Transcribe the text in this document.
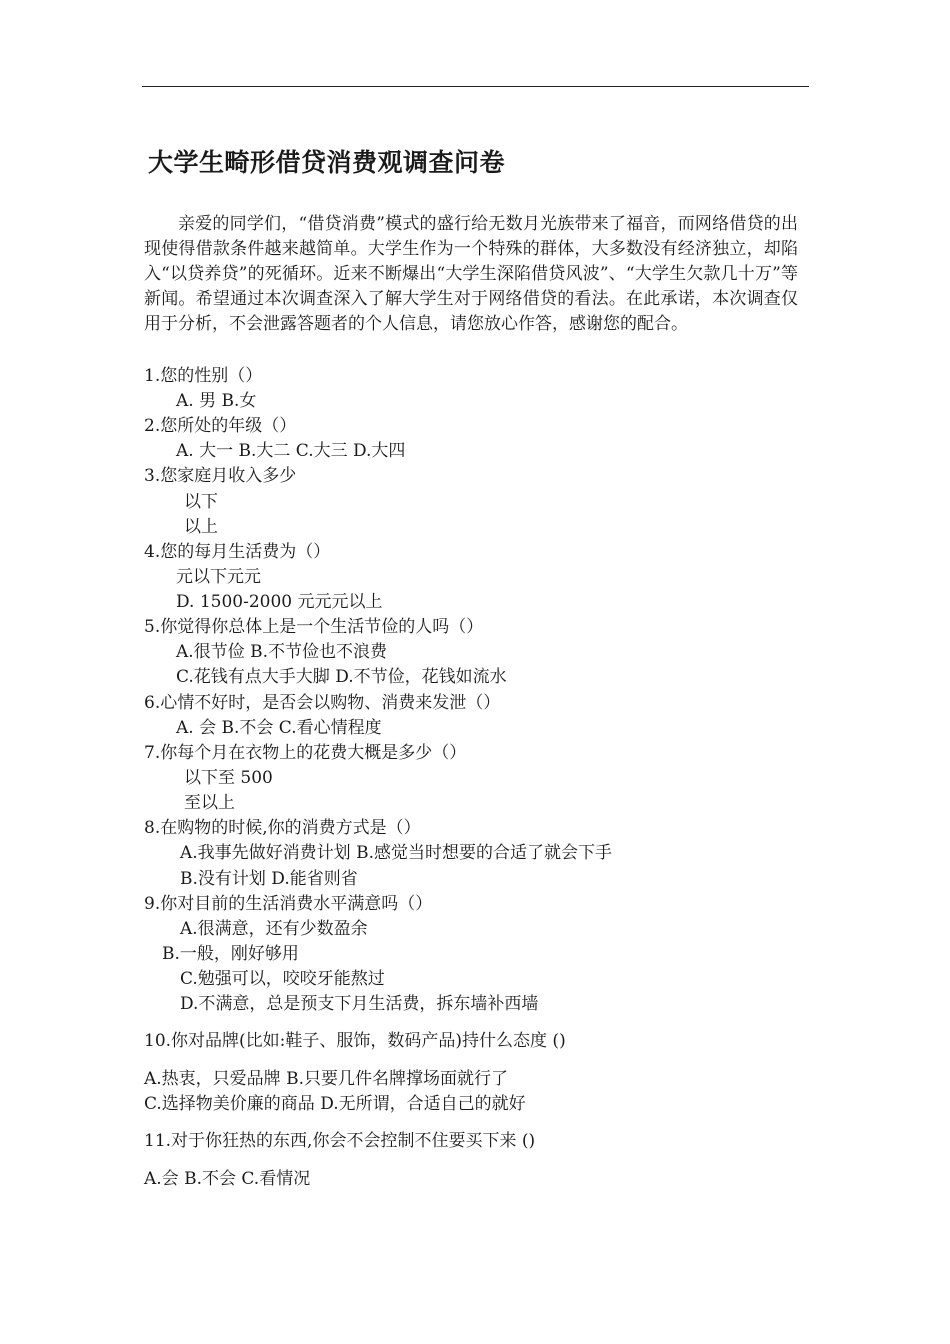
大学生畸形借贷消费观调查问卷

亲爱的同学们，“借贷消费”模式的盛行给无数月光族带来了福音，而网络借贷的出现使得借款条件越来越简单。大学生作为一个特殊的群体，大多数没有经济独立，却陷入“以贷养贷”的死循环。近来不断爆出“大学生深陷借贷风波”、“大学生欠款几十万”等新闻。希望通过本次调查深入了解大学生对于网络借贷的看法。在此承诺，本次调查仅用于分析，不会泄露答题者的个人信息，请您放心作答，感谢您的配合。

1.您的性别（）

A. 男 B.女

2.您所处的年级（）

A. 大一 B.大二 C.大三 D.大四

3.您家庭月收入多少

以下

以上

4.您的每月生活费为（）

元以下元元

D. 1500-2000 元元元以上

5.你觉得你总体上是一个生活节俭的人吗（）

A.很节俭 B.不节俭也不浪费

C.花钱有点大手大脚 D.不节俭，花钱如流水

6.心情不好时，是否会以购物、消费来发泄（）

A. 会 B.不会 C.看心情程度

7.你每个月在衣物上的花费大概是多少（）

以下至 500

至以上

8.在购物的时候,你的消费方式是（）

A.我事先做好消费计划 B.感觉当时想要的合适了就会下手

B.没有计划 D.能省则省

9.你对目前的生活消费水平满意吗（）

A.很满意，还有少数盈余

B.一般，刚好够用

C.勉强可以，咬咬牙能熬过

D.不满意，总是预支下月生活费，拆东墙补西墙

10.你对品牌(比如:鞋子、服饰，数码产品)持什么态度 ()

A.热衷，只爱品牌 B.只要几件名牌撑场面就行了

C.选择物美价廉的商品 D.无所谓，合适自己的就好

11.对于你狂热的东西,你会不会控制不住要买下来 ()

A.会 B.不会 C.看情况
